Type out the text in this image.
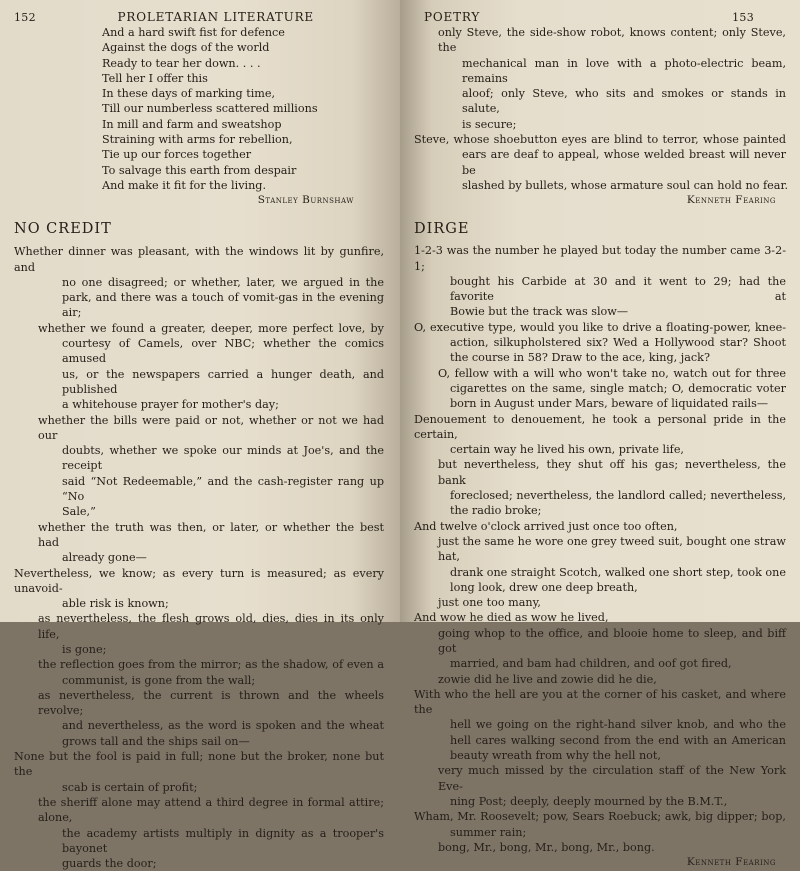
152	PROLETARIAN LITERATURE
And a hard swift fist for defence
Against the dogs of the world
Ready to tear her down. . . .
Tell her I offer this
In these days of marking time,
Till our numberless scattered millions
In mill and farm and sweatshop
Straining with arms for rebellion,
Tie up our forces together
To salvage this earth from despair
And make it fit for the living.
Stanley Burnshaw
NO CREDIT
Whether dinner was pleasant, with the windows lit by gunfire, and
no one disagreed; or whether, later, we argued in the
park, and there was a touch of vomit-gas in the evening
air;
whether we found a greater, deeper, more perfect love, by
courtesy of Camels, over NBC; whether the comics amused
us, or the newspapers carried a hunger death, and published
a whitehouse prayer for mother's day;
whether the bills were paid or not, whether or not we had our
doubts, whether we spoke our minds at Joe's, and the receipt
said “Not Redeemable,” and the cash-register rang up “No
Sale,”
whether the truth was then, or later, or whether the best had
already gone—
Nevertheless, we know; as every turn is measured; as every unavoid-
able risk is known;
as nevertheless, the flesh grows old, dies, dies in its only life,
is gone;
the reflection goes from the mirror; as the shadow, of even a
communist, is gone from the wall;
as nevertheless, the current is thrown and the wheels revolve;
and nevertheless, as the word is spoken and the wheat
grows tall and the ships sail on—
None but the fool is paid in full; none but the broker, none but the
scab is certain of profit;
the sheriff alone may attend a third degree in formal attire; alone,
the academy artists multiply in dignity as a trooper's bayonet
guards the door;
POETRY	153
only Steve, the side-show robot, knows content; only Steve, the
mechanical man in love with a photo-electric beam, remains
aloof; only Steve, who sits and smokes or stands in salute,
is secure;
Steve, whose shoebutton eyes are blind to terror, whose painted
ears are deaf to appeal, whose welded breast will never be
slashed by bullets, whose armature soul can hold no fear.
Kenneth Fearing
DIRGE
1-2-3 was the number he played but today the number came 3-2-1;
bought his Carbide at 30 and it went to 29; had the favorite at
Bowie but the track was slow—
O, executive type, would you like to drive a floating-power, knee-
action, silkupholstered six? Wed a Hollywood star? Shoot
the course in 58? Draw to the ace, king, jack?
O, fellow with a will who won't take no, watch out for three
cigarettes on the same, single match; O, democratic voter
born in August under Mars, beware of liquidated rails—
Denouement to denouement, he took a personal pride in the certain,
certain way he lived his own, private life,
but nevertheless, they shut off his gas; nevertheless, the bank
foreclosed; nevertheless, the landlord called; nevertheless,
the radio broke;
And twelve o'clock arrived just once too often,
just the same he wore one grey tweed suit, bought one straw hat,
drank one straight Scotch, walked one short step, took one
long look, drew one deep breath,
just one too many,
And wow he died as wow he lived,
going whop to the office, and blooie home to sleep, and biff got
married, and bam had children, and oof got fired,
zowie did he live and zowie did he die,
With who the hell are you at the corner of his casket, and where the
hell we going on the right-hand silver knob, and who the
hell cares walking second from the end with an American
beauty wreath from why the hell not,
very much missed by the circulation staff of the New York Eve-
ning Post; deeply, deeply mourned by the B.M.T.,
Wham, Mr. Roosevelt; pow, Sears Roebuck; awk, big dipper; bop,
summer rain;
bong, Mr., bong, Mr., bong, Mr., bong.
Kenneth Fearing
